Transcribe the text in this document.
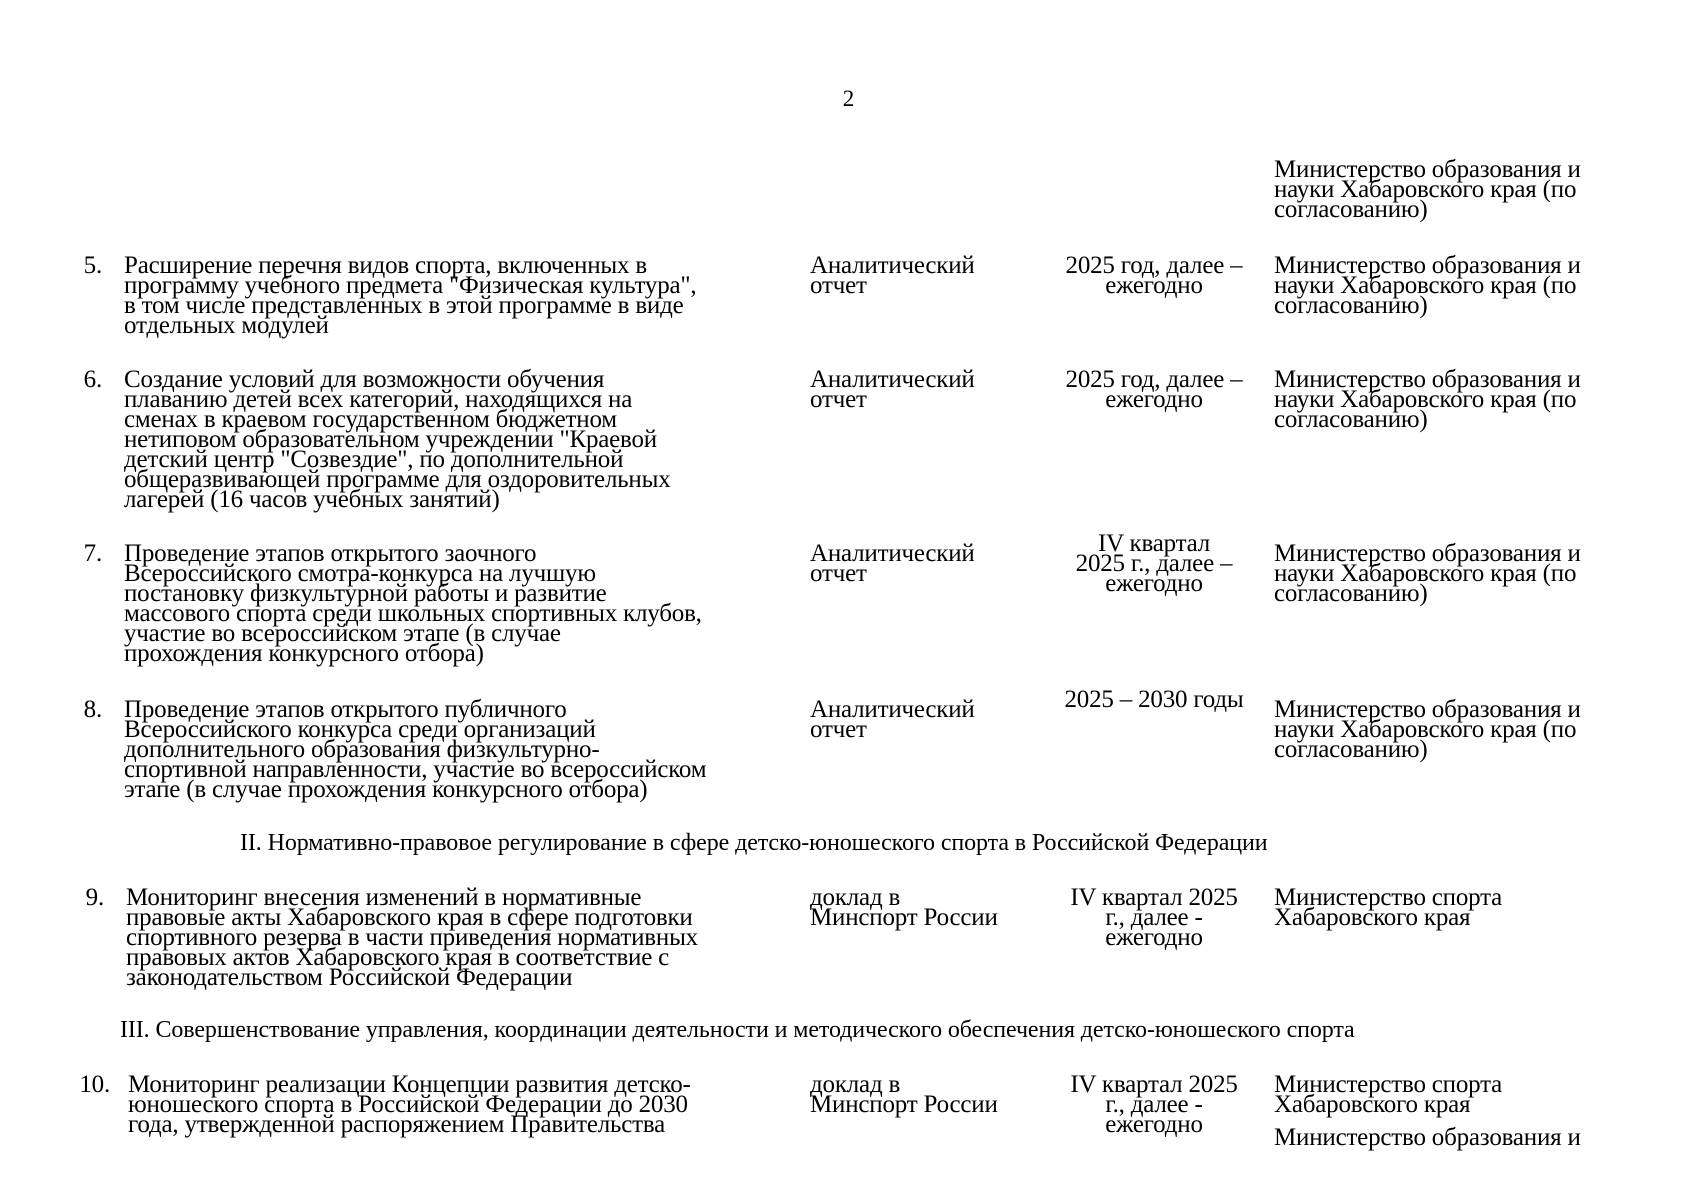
2
Министерство образования и
науки Хабаровского края (по
согласованию)
5. Расширение перечня видов спорта, включенных в
программу учебного предмета "Физическая культура",
в том числе представленных в этой программе в виде
отдельных модулей
Аналитический
отчет
2025 год, далее –
ежегодно
Министерство образования и
науки Хабаровского края (по
согласованию)
6. Создание условий для возможности обучения
плаванию детей всех категорий, находящихся на
сменах в краевом государственном бюджетном
нетиповом образовательном учреждении "Краевой
детский центр "Созвездие", по дополнительной
общеразвивающей программе для оздоровительных
лагерей (16 часов учебных занятий)
Аналитический
отчет
2025 год, далее –
ежегодно
Министерство образования и
науки Хабаровского края (по
согласованию)
7. Проведение этапов открытого заочного
Всероссийского смотра-конкурса на лучшую
постановку физкультурной работы и развитие
массового спорта среди школьных спортивных клубов,
участие во всероссийском этапе (в случае
прохождения конкурсного отбора)
Аналитический
отчет
IV квартал
2025 г., далее –
ежегодно
Министерство образования и
науки Хабаровского края (по
согласованию)
8. Проведение этапов открытого публичного
Всероссийского конкурса среди организаций
дополнительного образования физкультурно-
спортивной направленности, участие во всероссийском
этапе (в случае прохождения конкурсного отбора)
Аналитический
отчет
2025 – 2030 годы	Министерство образования и
науки Хабаровского края (по
согласованию)
II. Нормативно-правовое регулирование в сфере детско-юношеского спорта в Российской Федерации
9. Мониторинг внесения изменений в нормативные
правовые акты Хабаровского края в сфере подготовки
спортивного резерва в части приведения нормативных
правовых актов Хабаровского края в соответствие с
законодательством Российской Федерации
доклад в
Минспорт России
IV квартал 2025
г., далее -
ежегодно
Министерство спорта
Хабаровского края
III. Совершенствование управления, координации деятельности и методического обеспечения детско-юношеского спорта
10. Мониторинг реализации Концепции развития детско-
юношеского спорта в Российской Федерации до 2030
года, утвержденной распоряжением Правительства
доклад в
Минспорт России
IV квартал 2025
г., далее -
ежегодно
Министерство спорта
Хабаровского края
Министерство образования и
